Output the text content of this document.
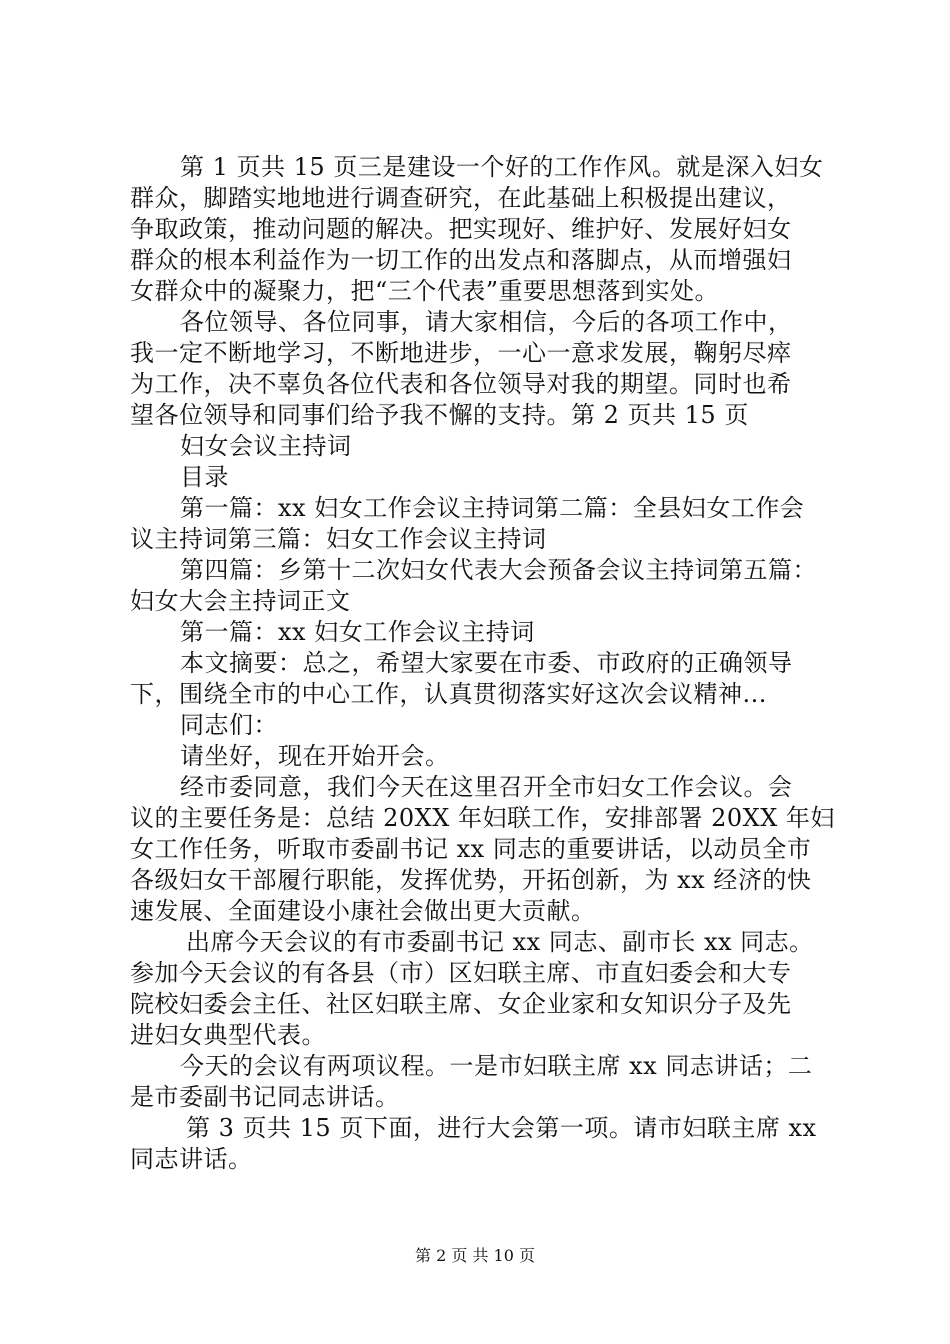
第 1 页共 15 页三是建设一个好的工作作风。就是深入妇女
群众，脚踏实地地进行调查研究，在此基础上积极提出建议，
争取政策，推动问题的解决。把实现好、维护好、发展好妇女
群众的根本利益作为一切工作的出发点和落脚点，从而增强妇
女群众中的凝聚力，把“三个代表”重要思想落到实处。
各位领导、各位同事，请大家相信，今后的各项工作中，
我一定不断地学习，不断地进步，一心一意求发展，鞠躬尽瘁
为工作，决不辜负各位代表和各位领导对我的期望。同时也希
望各位领导和同事们给予我不懈的支持。第 2 页共 15 页
妇女会议主持词
目录
第一篇：xx 妇女工作会议主持词第二篇：全县妇女工作会
议主持词第三篇：妇女工作会议主持词
第四篇：乡第十二次妇女代表大会预备会议主持词第五篇：
妇女大会主持词正文
第一篇：xx 妇女工作会议主持词
本文摘要：总之，希望大家要在市委、市政府的正确领导
下，围绕全市的中心工作，认真贯彻落实好这次会议精神...
同志们：
请坐好，现在开始开会。
经市委同意，我们今天在这里召开全市妇女工作会议。会
议的主要任务是：总结 20XX 年妇联工作，安排部署 20XX 年妇
女工作任务，听取市委副书记 xx 同志的重要讲话，以动员全市
各级妇女干部履行职能，发挥优势，开拓创新，为 xx 经济的快
速发展、全面建设小康社会做出更大贡献。
出席今天会议的有市委副书记 xx 同志、副市长 xx 同志。
参加今天会议的有各县（市）区妇联主席、市直妇委会和大专
院校妇委会主任、社区妇联主席、女企业家和女知识分子及先
进妇女典型代表。
今天的会议有两项议程。一是市妇联主席 xx 同志讲话；二
是市委副书记同志讲话。
第 3 页共 15 页下面，进行大会第一项。请市妇联主席 xx
同志讲话。
第 2 页 共 10 页
